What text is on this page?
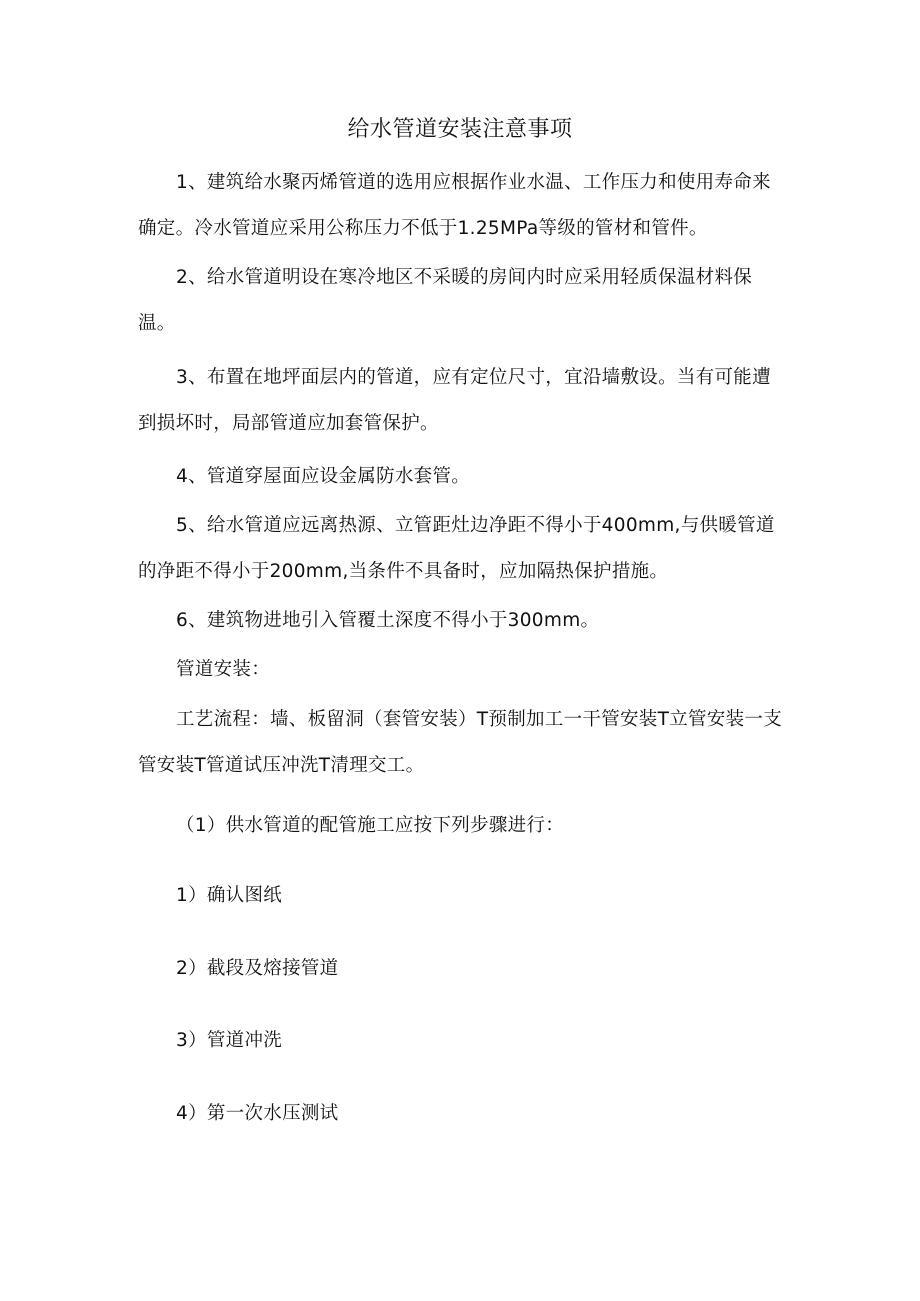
给水管道安装注意事项
1、建筑给水聚丙烯管道的选用应根据作业水温、工作压力和使用寿命来确定。冷水管道应采用公称压力不低于1.25MPa等级的管材和管件。
2、给水管道明设在寒冷地区不采暖的房间内时应采用轻质保温材料保温。
3、布置在地坪面层内的管道，应有定位尺寸，宜沿墙敷设。当有可能遭到损坏时，局部管道应加套管保护。
4、管道穿屋面应设金属防水套管。
5、给水管道应远离热源、立管距灶边净距不得小于400mm,与供暖管道的净距不得小于200mm,当条件不具备时，应加隔热保护措施。
6、建筑物进地引入管覆土深度不得小于300mm。
管道安装：
工艺流程：墙、板留洞（套管安装）T预制加工一干管安装T立管安装一支管安装T管道试压冲洗T清理交工。
（1）供水管道的配管施工应按下列步骤进行：
1）确认图纸
2）截段及熔接管道
3）管道冲洗
4）第一次水压测试
